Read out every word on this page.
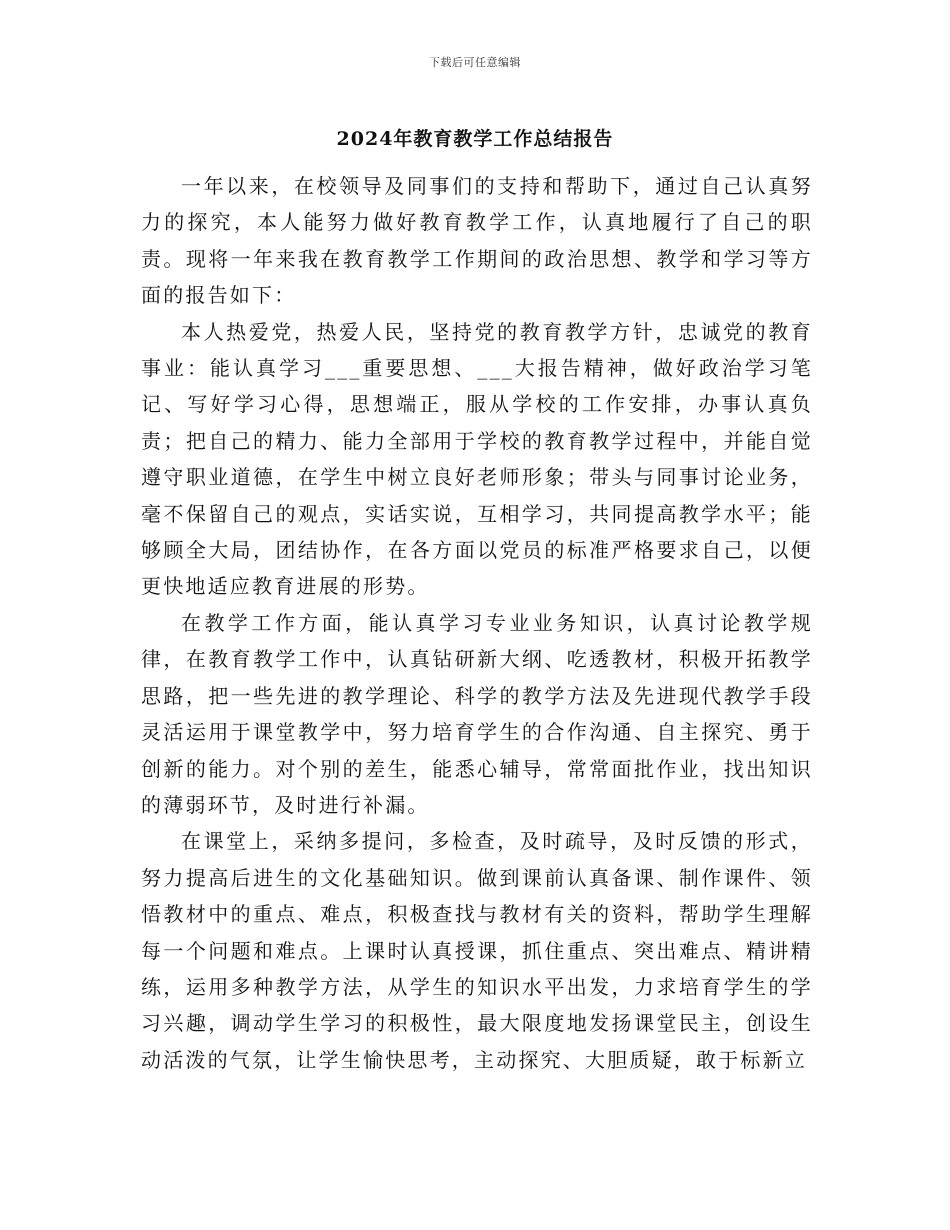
下载后可任意编辑
2024年教育教学工作总结报告

一年以来，在校领导及同事们的支持和帮助下，通过自己认真努力的探究，本人能努力做好教育教学工作，认真地履行了自己的职责。现将一年来我在教育教学工作期间的政治思想、教学和学习等方面的报告如下：

本人热爱党，热爱人民，坚持党的教育教学方针，忠诚党的教育事业：能认真学习___重要思想、___大报告精神，做好政治学习笔记、写好学习心得，思想端正，服从学校的工作安排，办事认真负责；把自己的精力、能力全部用于学校的教育教学过程中，并能自觉遵守职业道德，在学生中树立良好老师形象；带头与同事讨论业务，毫不保留自己的观点，实话实说，互相学习，共同提高教学水平；能够顾全大局，团结协作，在各方面以党员的标准严格要求自己，以便更快地适应教育进展的形势。

在教学工作方面，能认真学习专业业务知识，认真讨论教学规律，在教育教学工作中，认真钻研新大纲、吃透教材，积极开拓教学思路，把一些先进的教学理论、科学的教学方法及先进现代教学手段灵活运用于课堂教学中，努力培育学生的合作沟通、自主探究、勇于创新的能力。对个别的差生，能悉心辅导，常常面批作业，找出知识的薄弱环节，及时进行补漏。

在课堂上，采纳多提问，多检查，及时疏导，及时反馈的形式，努力提高后进生的文化基础知识。做到课前认真备课、制作课件、领悟教材中的重点、难点，积极查找与教材有关的资料，帮助学生理解每一个问题和难点。上课时认真授课，抓住重点、突出难点、精讲精练，运用多种教学方法，从学生的知识水平出发，力求培育学生的学习兴趣，调动学生学习的积极性，最大限度地发扬课堂民主，创设生动活泼的气氛，让学生愉快思考，主动探究、大胆质疑，敢于标新立
